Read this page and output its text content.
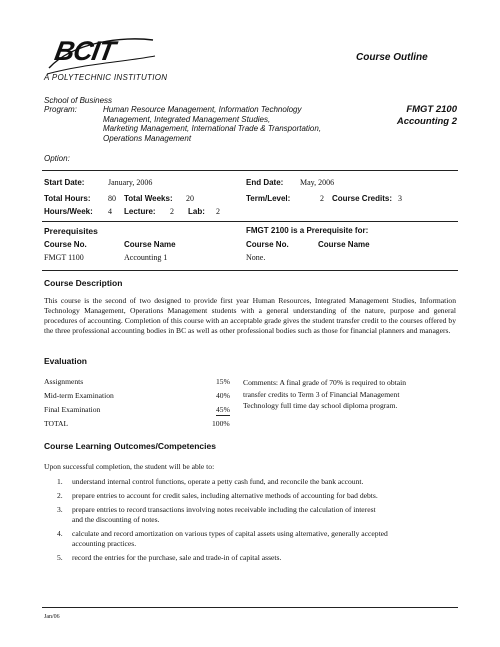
BCIT
A POLYTECHNIC INSTITUTION
Course Outline
School of Business
Program:	Human Resource Management, Information Technology
Management, Integrated Management Studies,
Marketing Management, International Trade & Transportation,
Operations Management
FMGT 2100
Accounting 2
Option:
Start Date:	January, 2006	End Date: May, 2006
Total Hours: 80 Total Weeks: 20	Term/Level:	2 Course Credits: 3
Hours/Week: 4 Lecture: 2 Lab: 2
Prerequisites	FMGT 2100 is a Prerequisite for:
Course No.	Course Name	Course No.	Course Name
FMGT 1100	Accounting 1	None.
Course Description
This course is the second of two designed to provide first year Human Resources, Integrated Management Studies, Information Technology Management, Operations Management students with a general understanding of the nature, purpose and general procedures of accounting. Completion of this course with an acceptable grade gives the student transfer credit to the courses offered by the three professional accounting bodies in BC as well as other professional bodies such as those for financial planners and managers.
Evaluation
Assignments	15%
Mid-term Examination	40%
Final Examination	45%
TOTAL	100%
Comments: A final grade of 70% is required to obtain
transfer credits to Term 3 of Financial Management
Technology full time day school diploma program.
Course Learning Outcomes/Competencies
Upon successful completion, the student will be able to:
1. understand internal control functions, operate a petty cash fund, and reconcile the bank account.
2. prepare entries to account for credit sales, including alternative methods of accounting for bad debts.
3. prepare entries to record transactions involving notes receivable including the calculation of interest
and the discounting of notes.
4. calculate and record amortization on various types of capital assets using alternative, generally accepted
accounting practices.
5. record the entries for the purchase, sale and trade-in of capital assets.
Jan/06
